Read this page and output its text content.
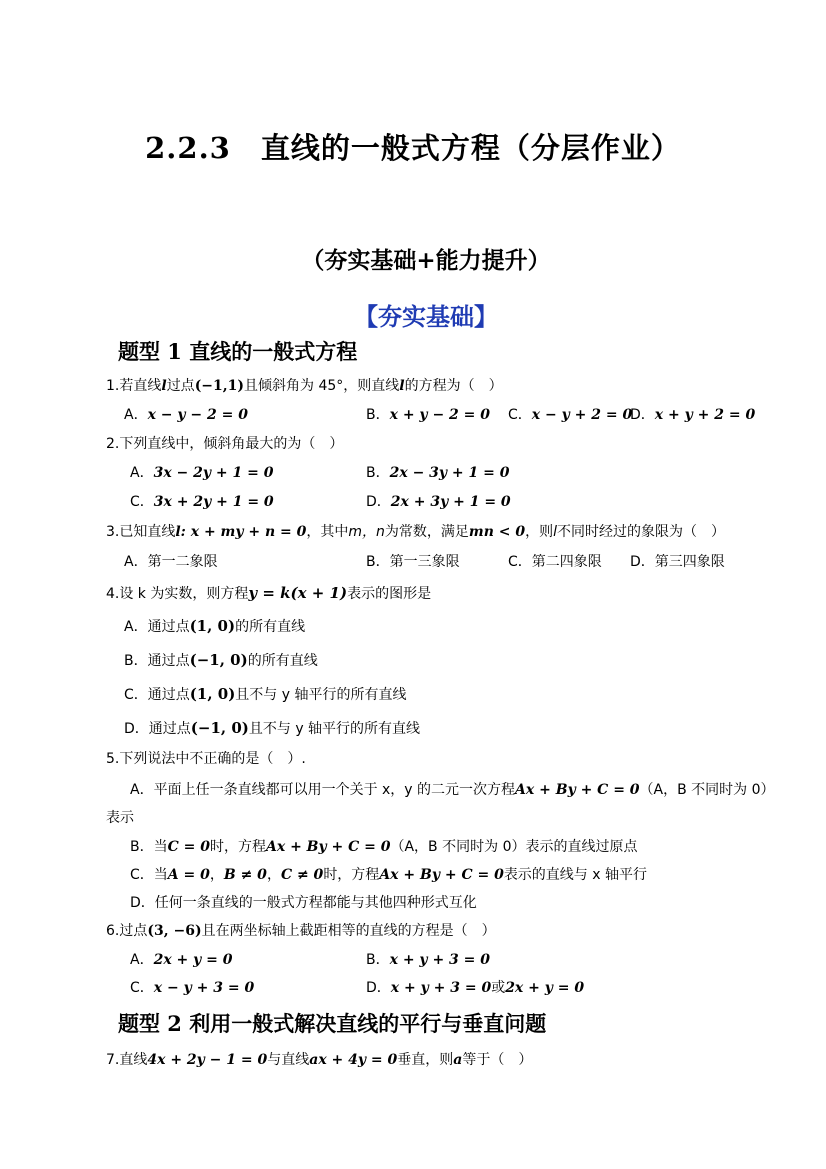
2.2.3　直线的一般式方程（分层作业）
（夯实基础+能力提升）
【夯实基础】
题型 1 直线的一般式方程
1.若直线l过点(−1,1)且倾斜角为 45°，则直线l的方程为（　）
A．x − y − 2 = 0	B．x + y − 2 = 0 C．x − y + 2 = 0
D．x + y + 2 = 0
2.下列直线中，倾斜角最大的为（　）
A．3x − 2y + 1 = 0	B．2x − 3y + 1 = 0
C．3x + 2y + 1 = 0	D．2x + 3y + 1 = 0
3.已知直线l: x + my + n = 0，其中m，n为常数，满足mn < 0，则l不同时经过的象限为（　）
A．第一二象限	B．第一三象限	C．第二四象限 D．第三四象限
4.设 k 为实数，则方程y = k(x + 1)表示的图形是
A．通过点(1, 0)的所有直线
B．通过点(−1, 0)的所有直线
C．通过点(1, 0)且不与 y 轴平行的所有直线
D．通过点(−1, 0)且不与 y 轴平行的所有直线
5.下列说法中不正确的是（　）.
A．平面上任一条直线都可以用一个关于 x，y 的二元一次方程Ax + By + C = 0（A，B 不同时为 0）
表示
B．当C = 0时，方程Ax + By + C = 0（A，B 不同时为 0）表示的直线过原点
C．当A = 0，B ≠ 0，C ≠ 0时，方程Ax + By + C = 0表示的直线与 x 轴平行
D．任何一条直线的一般式方程都能与其他四种形式互化
6.过点(3, −6)且在两坐标轴上截距相等的直线的方程是（　）
A．2x + y = 0	B．x + y + 3 = 0
C．x − y + 3 = 0	D．x + y + 3 = 0或2x + y = 0
题型 2 利用一般式解决直线的平行与垂直问题
7.直线4x + 2y − 1 = 0与直线ax + 4y = 0垂直，则a等于（　）
